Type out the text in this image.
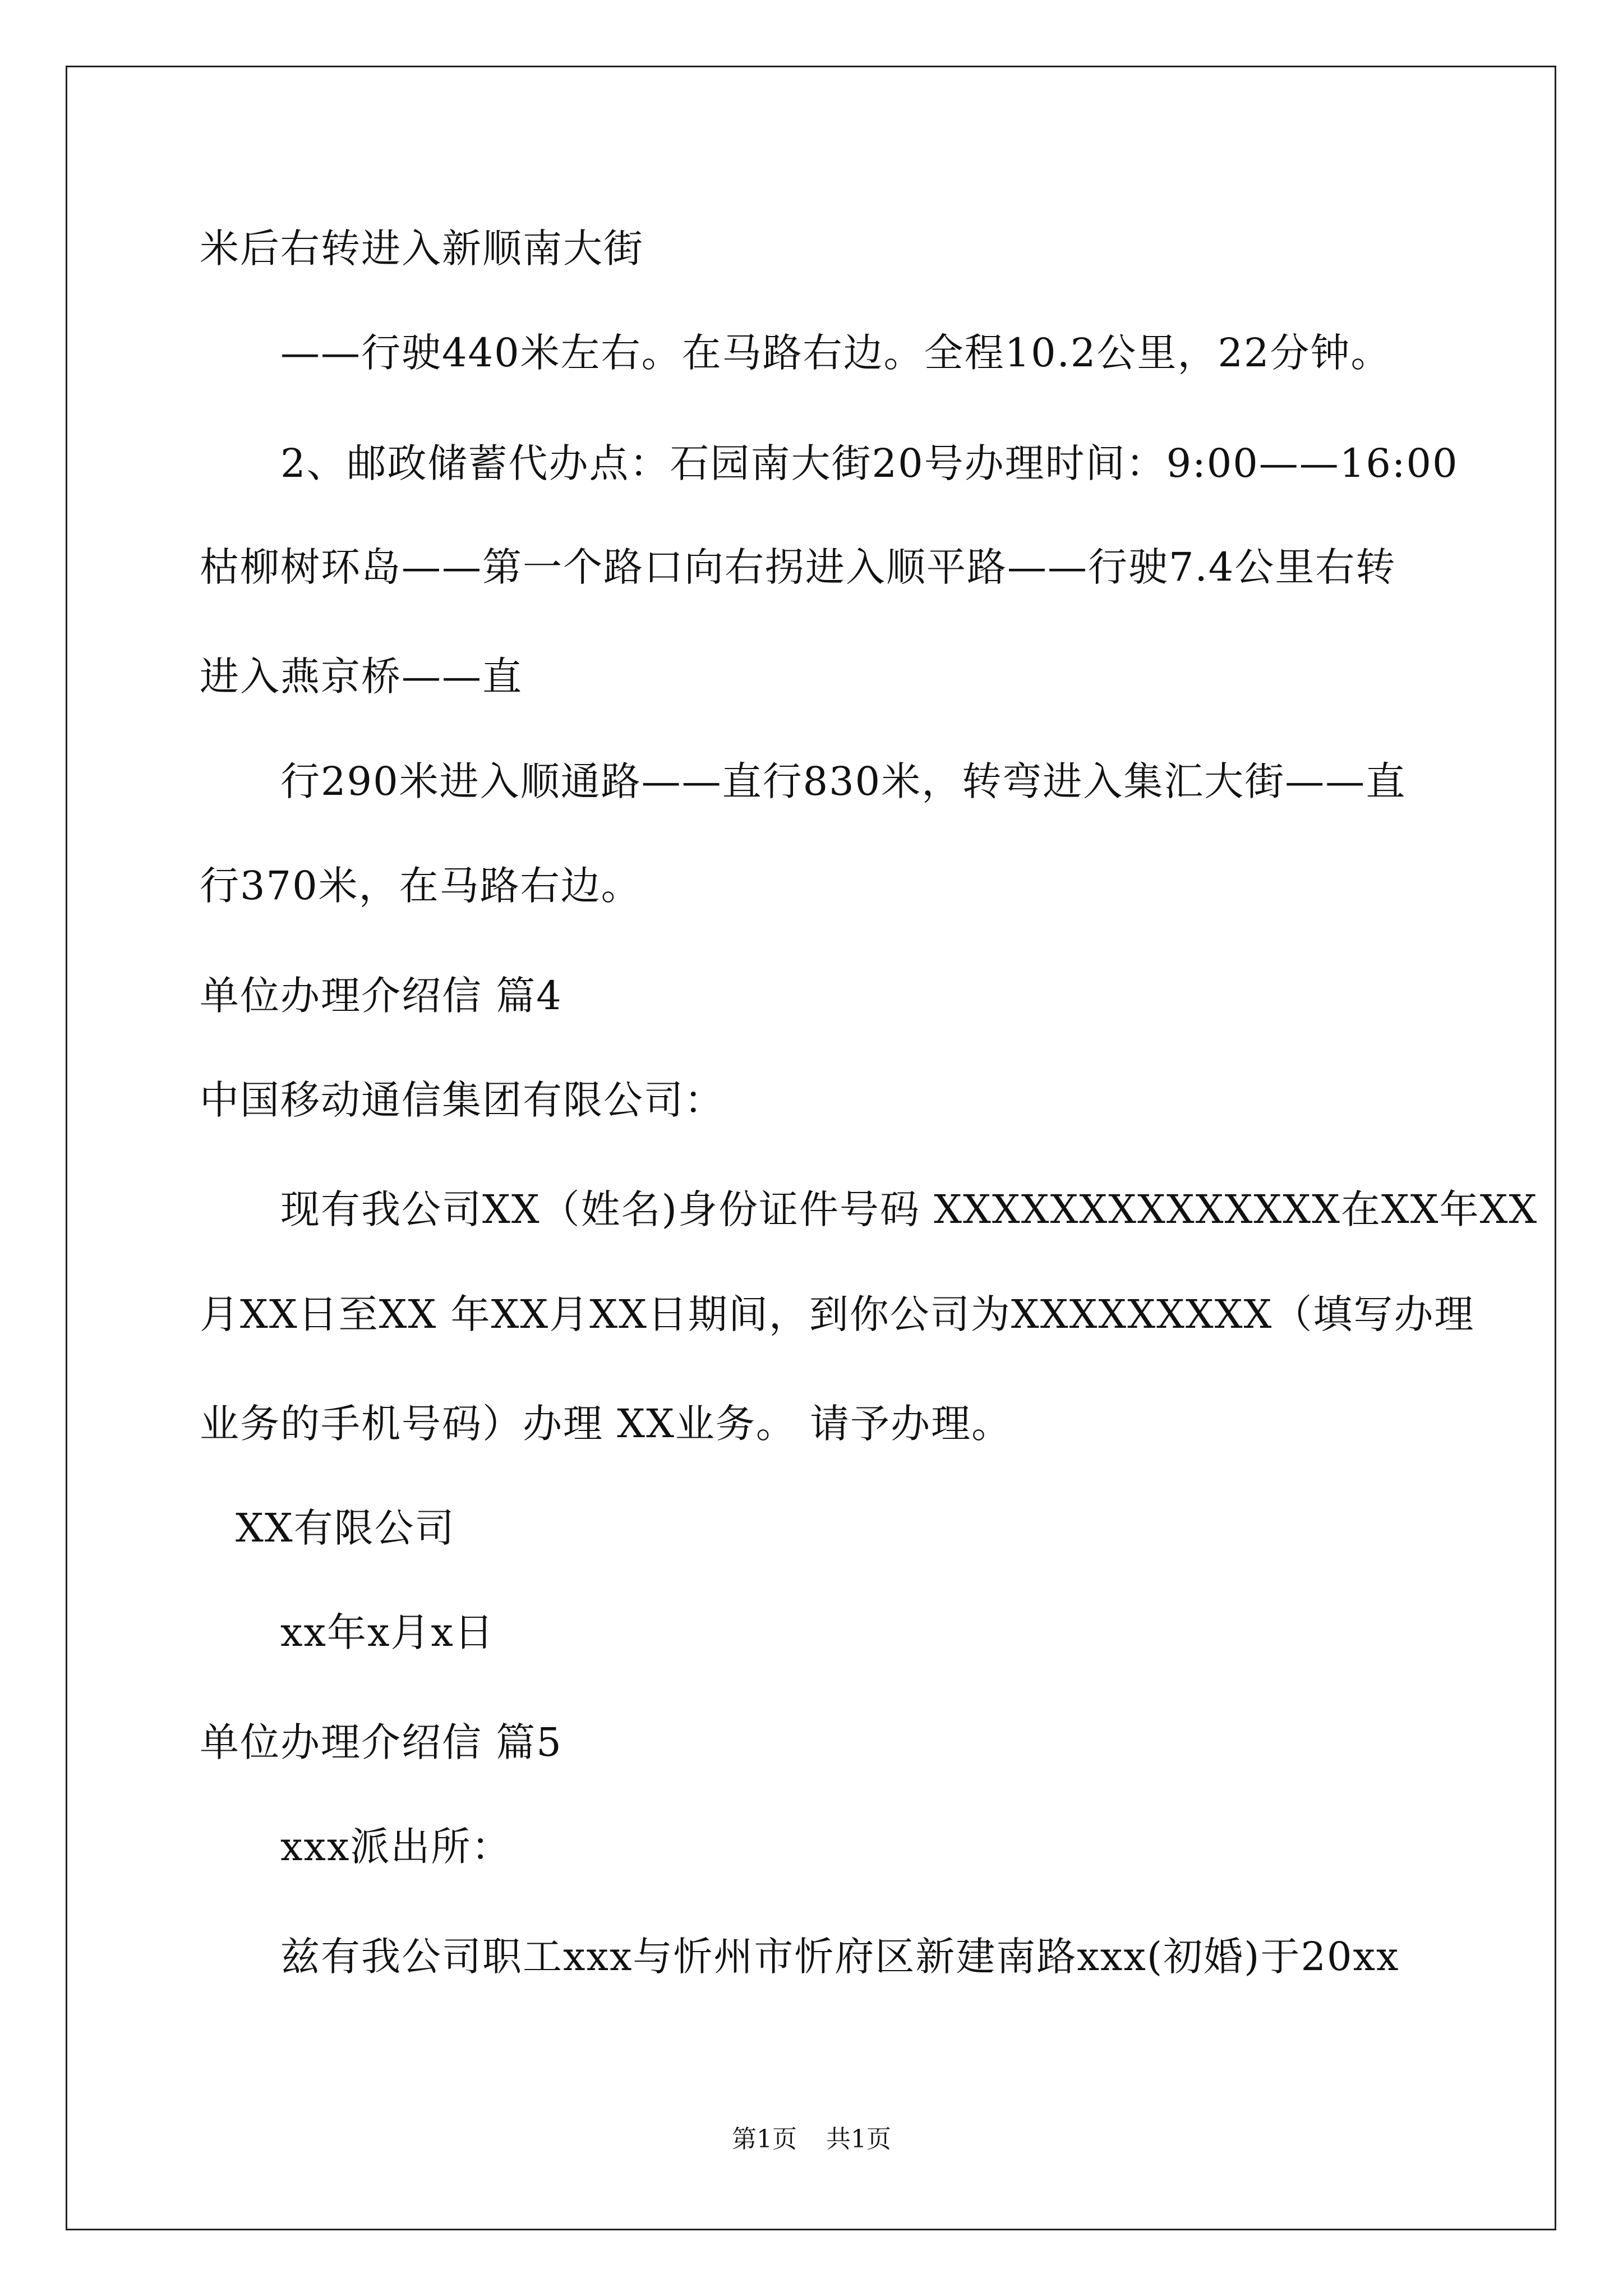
米后右转进入新顺南大街
——行驶440米左右。在马路右边。全程10.2公里，22分钟。
2、邮政储蓄代办点：石园南大街20号办理时间：9:00——16:00
枯柳树环岛——第一个路口向右拐进入顺平路——行驶7.4公里右转
进入燕京桥——直
行290米进入顺通路——直行830米，转弯进入集汇大街——直
行370米，在马路右边。
单位办理介绍信 篇4
中国移动通信集团有限公司：
现有我公司XX（姓名)身份证件号码 XXXXXXXXXXXXXX在XX年XX
月XX日至XX 年XX月XX日期间，到你公司为XXXXXXXXX（填写办理
业务的手机号码）办理 XX业务。 请予办理。
XX有限公司
xx年x月x日
单位办理介绍信 篇5
xxx派出所：
兹有我公司职工xxx与忻州市忻府区新建南路xxx(初婚)于20xx
第1页 共1页
